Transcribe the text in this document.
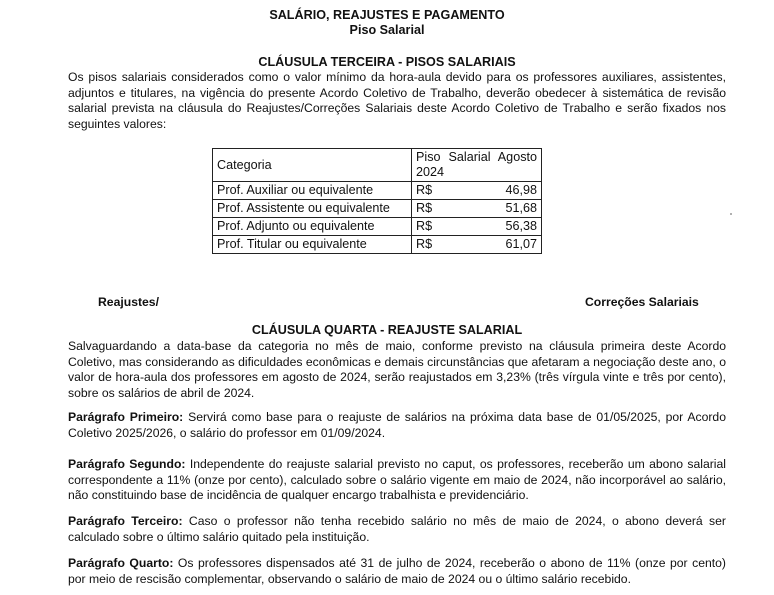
SALÁRIO, REAJUSTES E PAGAMENTO
Piso Salarial
CLÁUSULA TERCEIRA - PISOS SALARIAIS
Os pisos salariais considerados como o valor mínimo da hora-aula devido para os professores auxiliares, assistentes, adjuntos e titulares, na vigência do presente Acordo Coletivo de Trabalho, deverão obedecer à sistemática de revisão salarial prevista na cláusula do Reajustes/Correções Salariais deste Acordo Coletivo de Trabalho e serão fixados nos seguintes valores:
Categoria	Piso Salarial Agosto 2024
Prof. Auxiliar ou equivalente	R$ 46,98

Prof. Assistente ou equivalente	R$ 51,68

Prof. Adjunto ou equivalente	R$ 56,38

Prof. Titular ou equivalente	R$ 61,07
Reajustes/	Correções Salariais
CLÁUSULA QUARTA - REAJUSTE SALARIAL
Salvaguardando a data-base da categoria no mês de maio, conforme previsto na cláusula primeira deste Acordo Coletivo, mas considerando as dificuldades econômicas e demais circunstâncias que afetaram a negociação deste ano, o valor de hora-aula dos professores em agosto de 2024, serão reajustados em 3,23% (três vírgula vinte e três por cento), sobre os salários de abril de 2024.
Parágrafo Primeiro: Servirá como base para o reajuste de salários na próxima data base de 01/05/2025, por Acordo Coletivo 2025/2026, o salário do professor em 01/09/2024.
Parágrafo Segundo: Independente do reajuste salarial previsto no caput, os professores, receberão um abono salarial correspondente a 11% (onze por cento), calculado sobre o salário vigente em maio de 2024, não incorporável ao salário, não constituindo base de incidência de qualquer encargo trabalhista e previdenciário.
Parágrafo Terceiro: Caso o professor não tenha recebido salário no mês de maio de 2024, o abono deverá ser calculado sobre o último salário quitado pela instituição.
Parágrafo Quarto: Os professores dispensados até 31 de julho de 2024, receberão o abono de 11% (onze por cento) por meio de rescisão complementar, observando o salário de maio de 2024 ou o último salário recebido.
